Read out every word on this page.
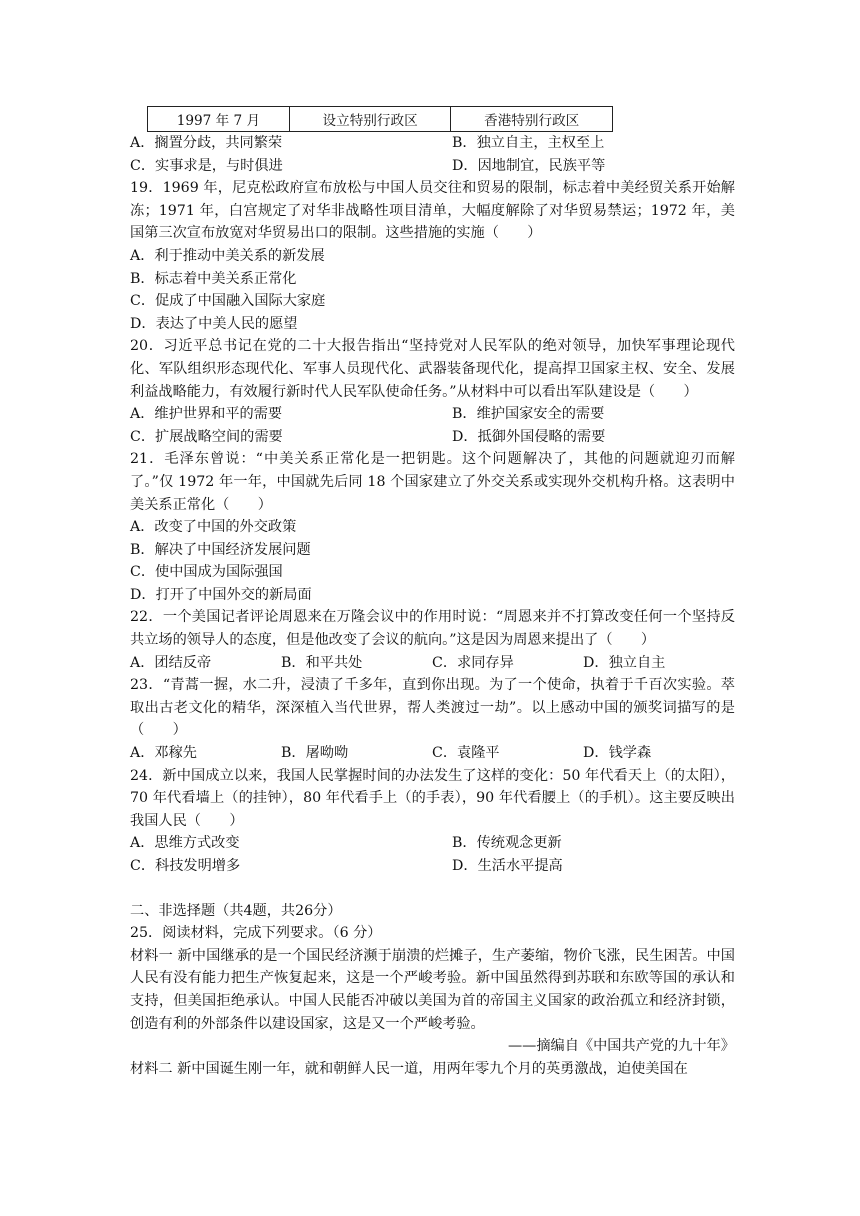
1997 年 7 月	设立特别行政区	香港特别行政区
A．搁置分歧，共同繁荣	B．独立自主，主权至上
C．实事求是，与时俱进	D．因地制宜，民族平等
19．1969 年，尼克松政府宣布放松与中国人员交往和贸易的限制，标志着中美经贸关系开始解冻；1971 年，白宫规定了对华非战略性项目清单，大幅度解除了对华贸易禁运；1972 年，美国第三次宣布放宽对华贸易出口的限制。这些措施的实施（　　）
A．利于推动中美关系的新发展
B．标志着中美关系正常化
C．促成了中国融入国际大家庭
D．表达了中美人民的愿望
20．习近平总书记在党的二十大报告指出“坚持党对人民军队的绝对领导，加快军事理论现代化、军队组织形态现代化、军事人员现代化、武器装备现代化，提高捍卫国家主权、安全、发展利益战略能力，有效履行新时代人民军队使命任务。”从材料中可以看出军队建设是（　　）
A．维护世界和平的需要	B．维护国家安全的需要
C．扩展战略空间的需要	D．抵御外国侵略的需要
21．毛泽东曾说：“中美关系正常化是一把钥匙。这个问题解决了，其他的问题就迎刃而解了。”仅 1972 年一年，中国就先后同 18 个国家建立了外交关系或实现外交机构升格。这表明中美关系正常化（　　）
A．改变了中国的外交政策
B．解决了中国经济发展问题
C．使中国成为国际强国
D．打开了中国外交的新局面
22．一个美国记者评论周恩来在万隆会议中的作用时说：“周恩来并不打算改变任何一个坚持反共立场的领导人的态度，但是他改变了会议的航向。”这是因为周恩来提出了（　　）
A．团结反帝	B．和平共处	C．求同存异	D．独立自主
23．“青蒿一握，水二升，浸渍了千多年，直到你出现。为了一个使命，执着于千百次实验。萃取出古老文化的精华，深深植入当代世界，帮人类渡过一劫”。以上感动中国的颁奖词描写的是（　　）
A．邓稼先	B．屠呦呦	C．袁隆平	D．钱学森
24．新中国成立以来，我国人民掌握时间的办法发生了这样的变化：50 年代看天上（的太阳），70 年代看墙上（的挂钟），80 年代看手上（的手表），90 年代看腰上（的手机）。这主要反映出我国人民（　　）
A．思维方式改变	B．传统观念更新
C．科技发明增多	D．生活水平提高
二、非选择题（共4题，共26分）
25．阅读材料，完成下列要求。（6 分）
材料一 新中国继承的是一个国民经济濒于崩溃的烂摊子，生产萎缩，物价飞涨，民生困苦。中国人民有没有能力把生产恢复起来，这是一个严峻考验。新中国虽然得到苏联和东欧等国的承认和支持，但美国拒绝承认。中国人民能否冲破以美国为首的帝国主义国家的政治孤立和经济封锁，创造有利的外部条件以建设国家，这是又一个严峻考验。
——摘编自《中国共产党的九十年》
材料二 新中国诞生刚一年，就和朝鲜人民一道，用两年零九个月的英勇激战，迫使美国在
